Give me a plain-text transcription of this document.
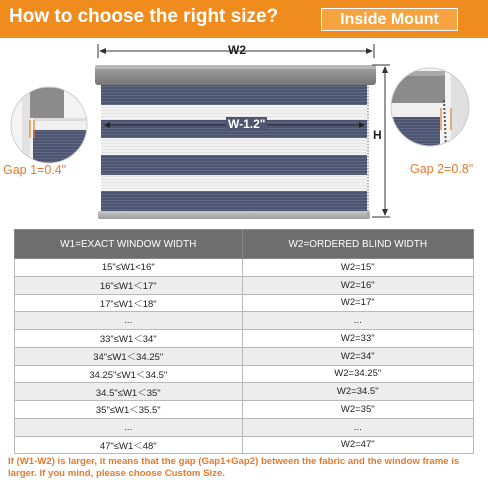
How to choose the right size?	Inside Mount
W2
W-1.2"
H
Gap 1=0.4"	Gap 2=0.8"
W1=EXACT WINDOW WIDTH	W2=ORDERED BLIND WIDTH
15"≤W1<16"	W2=15"
16"≤W1＜17"	W2=16"
17"≤W1＜18"	W2=17"
...	...
33"≤W1＜34"	W2=33"
34"≤W1＜34.25"	W2=34"
34.25"≤W1＜34.5"	W2=34.25"
34.5"≤W1＜35"	W2=34.5"
35"≤W1＜35.5"	W2=35"
...	...
47"≤W1＜48"	W2=47"
If (W1-W2) is larger, it means that the gap (Gap1+Gap2) between the fabric and the window frame is larger. If you mind, please choose Custom Size.
